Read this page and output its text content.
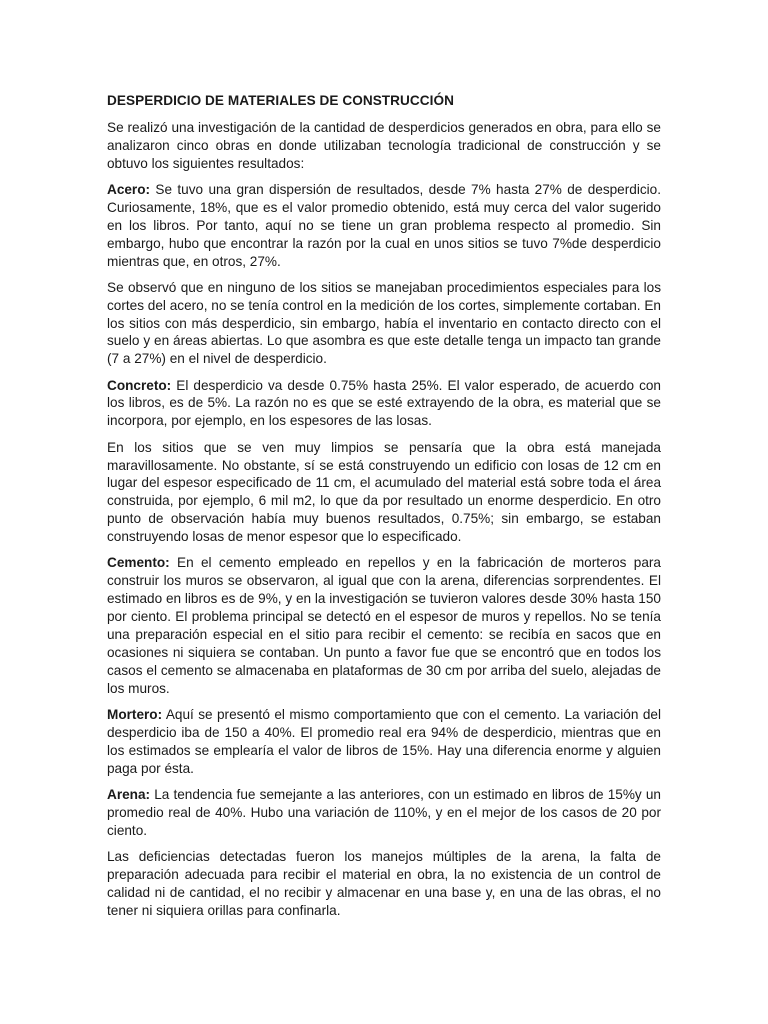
DESPERDICIO DE MATERIALES DE CONSTRUCCIÓN

Se realizó una investigación de la cantidad de desperdicios generados en obra, para ello se analizaron cinco obras en donde utilizaban tecnología tradicional de construcción y se obtuvo los siguientes resultados:

Acero: Se tuvo una gran dispersión de resultados, desde 7% hasta 27% de desperdicio. Curiosamente, 18%, que es el valor promedio obtenido, está muy cerca del valor sugerido en los libros. Por tanto, aquí no se tiene un gran problema respecto al promedio. Sin embargo, hubo que encontrar la razón por la cual en unos sitios se tuvo 7%de desperdicio mientras que, en otros, 27%.

Se observó que en ninguno de los sitios se manejaban procedimientos especiales para los cortes del acero, no se tenía control en la medición de los cortes, simplemente cortaban. En los sitios con más desperdicio, sin embargo, había el inventario en contacto directo con el suelo y en áreas abiertas. Lo que asombra es que este detalle tenga un impacto tan grande (7 a 27%) en el nivel de desperdicio.

Concreto: El desperdicio va desde 0.75% hasta 25%. El valor esperado, de acuerdo con los libros, es de 5%. La razón no es que se esté extrayendo de la obra, es material que se incorpora, por ejemplo, en los espesores de las losas.

En los sitios que se ven muy limpios se pensaría que la obra está manejada maravillosamente. No obstante, sí se está construyendo un edificio con losas de 12 cm en lugar del espesor especificado de 11 cm, el acumulado del material está sobre toda el área construida, por ejemplo, 6 mil m2, lo que da por resultado un enorme desperdicio. En otro punto de observación había muy buenos resultados, 0.75%; sin embargo, se estaban construyendo losas de menor espesor que lo especificado.

Cemento: En el cemento empleado en repellos y en la fabricación de morteros para construir los muros se observaron, al igual que con la arena, diferencias sorprendentes. El estimado en libros es de 9%, y en la investigación se tuvieron valores desde 30% hasta 150 por ciento. El problema principal se detectó en el espesor de muros y repellos. No se tenía una preparación especial en el sitio para recibir el cemento: se recibía en sacos que en ocasiones ni siquiera se contaban. Un punto a favor fue que se encontró que en todos los casos el cemento se almacenaba en plataformas de 30 cm por arriba del suelo, alejadas de los muros.

Mortero: Aquí se presentó el mismo comportamiento que con el cemento. La variación del desperdicio iba de 150 a 40%. El promedio real era 94% de desperdicio, mientras que en los estimados se emplearía el valor de libros de 15%. Hay una diferencia enorme y alguien paga por ésta.

Arena: La tendencia fue semejante a las anteriores, con un estimado en libros de 15%y un promedio real de 40%. Hubo una variación de 110%, y en el mejor de los casos de 20 por ciento.

Las deficiencias detectadas fueron los manejos múltiples de la arena, la falta de preparación adecuada para recibir el material en obra, la no existencia de un control de calidad ni de cantidad, el no recibir y almacenar en una base y, en una de las obras, el no tener ni siquiera orillas para confinarla.
